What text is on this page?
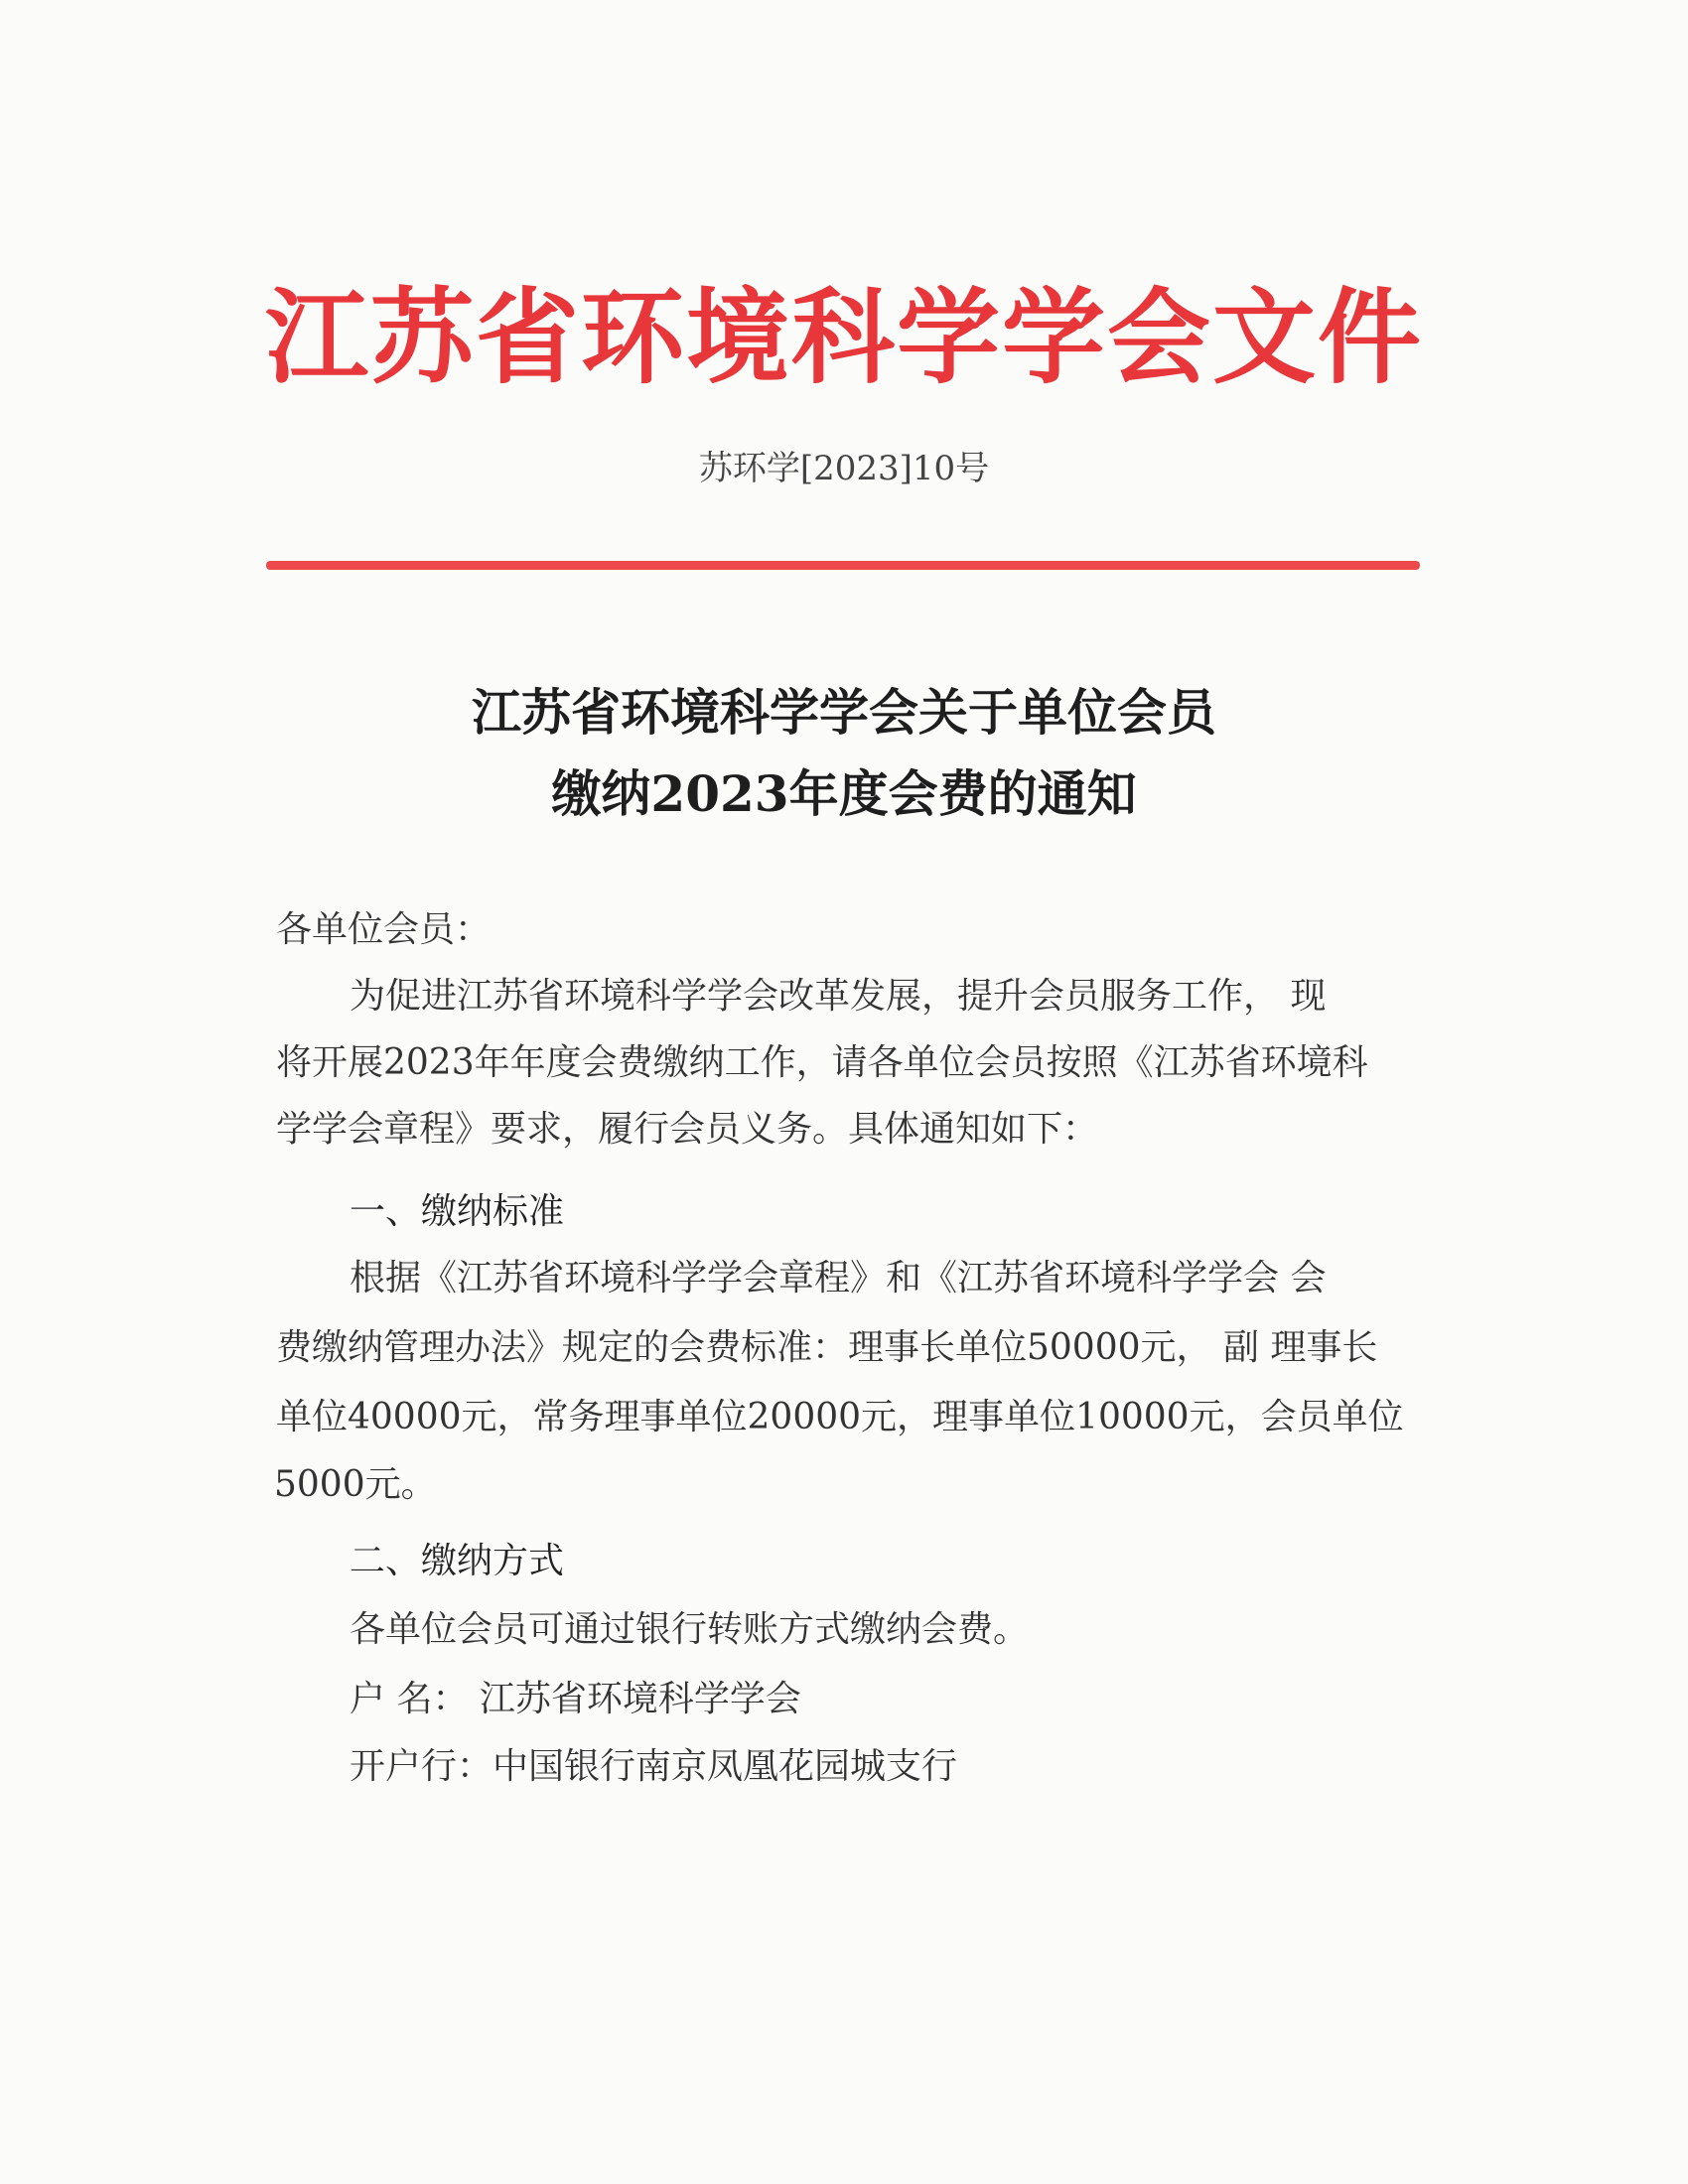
江苏省环境科学学会文件
苏环学[2023]10号
江苏省环境科学学会关于单位会员
缴纳2023年度会费的通知
各单位会员：
为促进江苏省环境科学学会改革发展，提升会员服务工作， 现
将开展2023年年度会费缴纳工作，请各单位会员按照《江苏省环境科
学学会章程》要求，履行会员义务。具体通知如下：
一、缴纳标准
根据《江苏省环境科学学会章程》和《江苏省环境科学学会 会
费缴纳管理办法》规定的会费标准：理事长单位50000元， 副 理事长
单位40000元，常务理事单位20000元，理事单位10000元，会员单位
5000元。
二、缴纳方式
各单位会员可通过银行转账方式缴纳会费。
户 名： 江苏省环境科学学会
开户行：中国银行南京凤凰花园城支行
